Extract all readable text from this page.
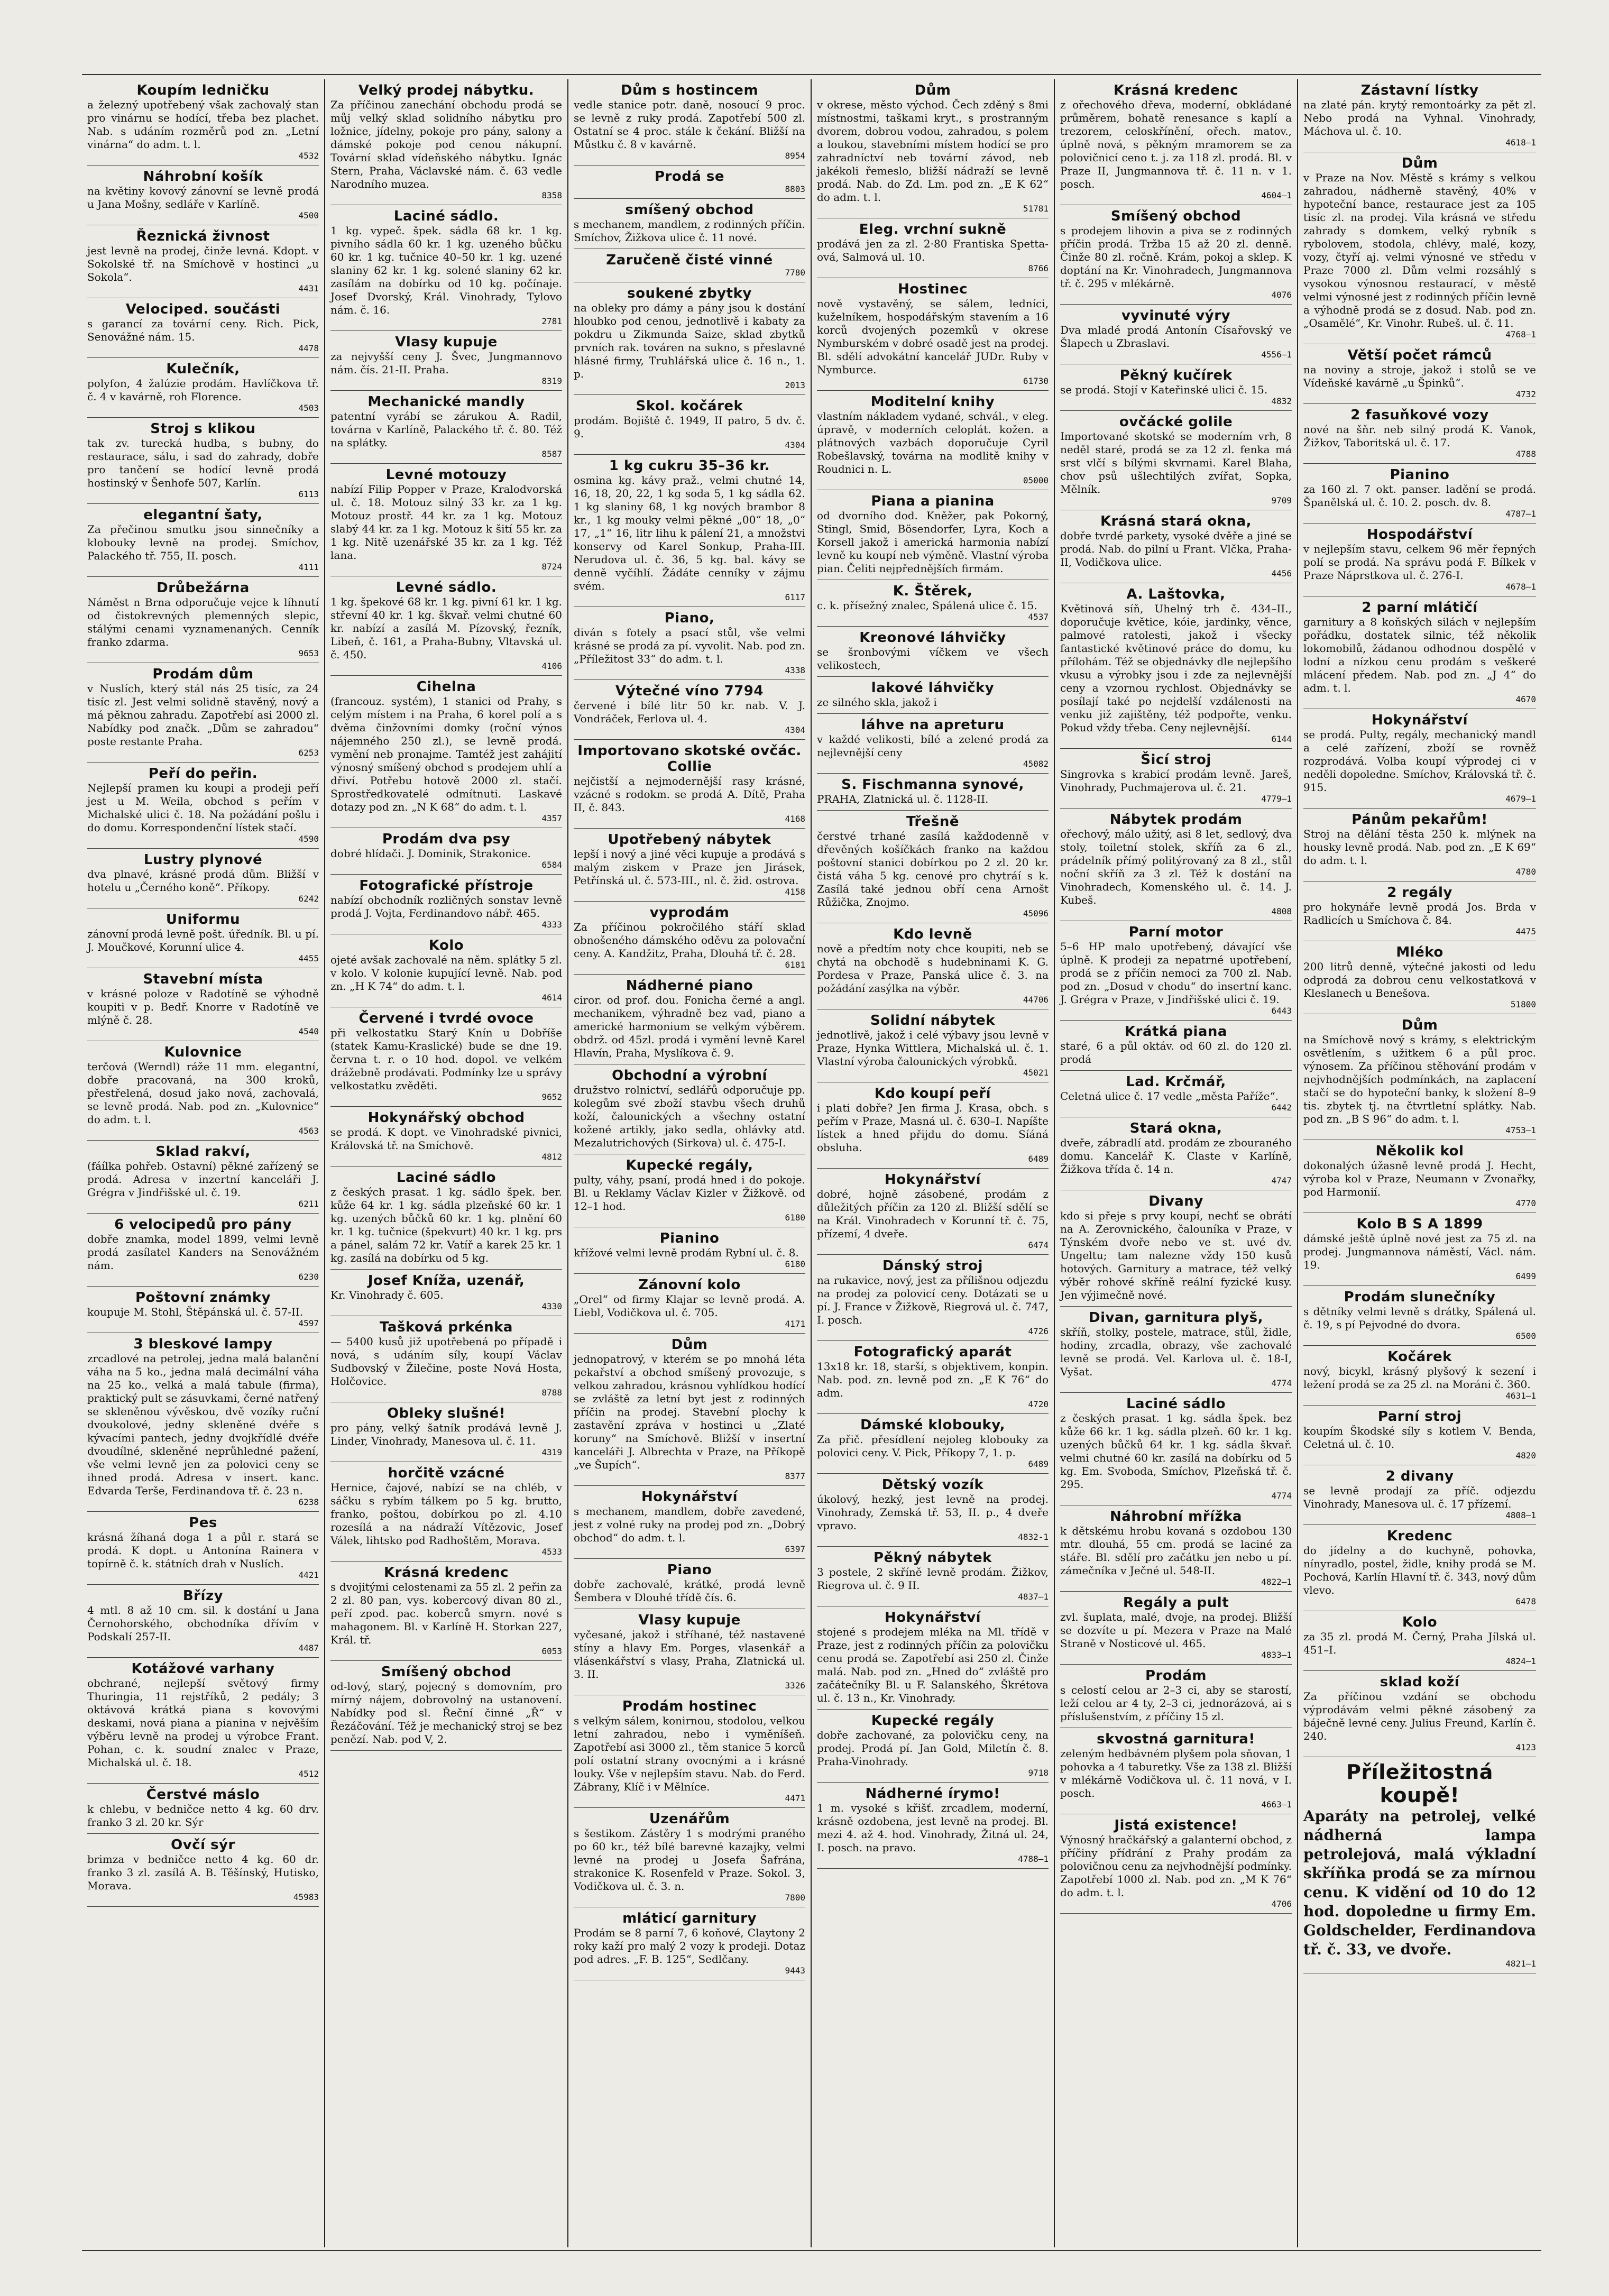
Koupím ledničku
a železný upotřebený však zachovalý stan pro vinárnu se hodící, třeba bez plachet. Nab. s udáním rozměrů pod zn. „Letní vinárna“ do adm. t. l.
4532
Náhrobní košík
na květiny kovový zánovní se levně prodá u Jana Mošny, sedláře v Karlíně.
4500
Řeznická živnost
jest levně na prodej, činže levná. Kdopt. v Sokolské tř. na Smíchově v hostinci „u Sokola“.
4431
Velociped. součásti
s garancí za tovární ceny. Rich. Pick, Senovážné nám. 15.
4478
Kulečník,
polyfon, 4 žalúzie prodám. Havlíčkova tř. č. 4 v kavárně, roh Florence.
4503
Stroj s klikou
tak zv. turecká hudba, s bubny, do restaurace, sálu, i sad do zahrady, dobře pro tančení se hodící levně prodá hostinský v Šenhofe 507, Karlín.
6113
elegantní šaty,
Za přečinou smutku jsou sinnečníky a klobouky levně na prodej. Smíchov, Palackého tř. 755, II. posch.
4111
Drůbežárna
Náměst n Brna odporučuje vejce k líhnutí od čistokrevných plemenných slepic, stálými cenami vyznamenaných. Cenník franko zdarma.
9653
Prodám dům
v Nuslích, který stál nás 25 tisíc, za 24 tisíc zl. Jest velmi solidně stavěný, nový a má pěknou zahradu. Zapotřebí asi 2000 zl. Nabídky pod značk. „Dům se zahradou“ poste restante Praha.
6253
Peří do peřin.
Nejlepší pramen ku koupi a prodeji peří jest u M. Weila, obchod s peřím v Michalské ulici č. 18. Na požádání pošlu i do domu. Korrespondenční lístek stačí.
4590
Lustry plynové
dva plnavé, krásné prodá dům. Bližší v hotelu u „Černého koně“. Příkopy.
6242
Uniformu
zánovní prodá levně pošt. úředník. Bl. u pí. J. Moučkové, Korunní ulice 4.
4455
Stavební místa
v krásné poloze v Radotíně se výhodně koupiti v p. Bedř. Knorre v Radotíně ve mlýně č. 28.
4540
Kulovnice
terčová (Werndl) ráže 11 mm. elegantní, dobře pracovaná, na 300 kroků, přestřelená, dosud jako nová, zachovalá, se levně prodá. Nab. pod zn. „Kulovnice“ do adm. t. l.
4563
Sklad rakví,
(fáílka pohřeb. Ostavní) pěkné zařízený se prodá. Adresa v inzertní kanceláři J. Grégra v Jindřišské ul. č. 19.
6211
6 velocipedů pro pány
dobře znamka, model 1899, velmi levně prodá zasílatel Kanders na Senovážném nám.
6230
Poštovní známky
koupuje M. Stohl, Štěpánská ul. č. 57-II.
4597
3 bleskové lampy
zrcadlové na petrolej, jedna malá balanční váha na 5 ko., jedna malá decimální váha na 25 ko., velká a malá tabule (firma), praktický pult se zásuvkami, černé natřený se skleněnou vývěskou, dvě vozíky ruční dvoukolové, jedny skleněné dvéře s kývacími pantech, jedny dvojkřídlé dvéře dvoudílné, skleněné neprůhledné pažení, vše velmi levně jen za polovici ceny se ihned prodá. Adresa v insert. kanc. Edvarda Terše, Ferdinandova tř. č. 23 n.
6238
Pes
krásná žíhaná doga 1 a půl r. stará se prodá. K dopt. u Antonína Rainera v topírně č. k. státních drah v Nuslích.
4421
Břízy
4 mtl. 8 až 10 cm. sil. k dostání u Jana Černohorského, obchodníka dřívím v Podskalí 257-II.
4487
Kotážové varhany
obchrané, nejlepší světový firmy Thuringia, 11 rejstříků, 2 pedály; 3 oktávová krátká piana s kovovými deskami, nová piana a pianina v nejvěším výběru levně na prodej u výrobce Frant. Pohan, c. k. soudní znalec v Praze, Michalská ul. č. 18.
4512
Čerstvé máslo
k chlebu, v bedničce netto 4 kg. 60 drv. franko 3 zl. 20 kr. Sýr
Ovčí sýr
brimza v bedničce netto 4 kg. 60 dr. franko 3 zl. zasílá A. B. Těšínský, Hutisko, Morava.
45983
Velký prodej nábytku.
Za příčinou zanechání obchodu prodá se můj velký sklad solidního nábytku pro ložnice, jídelny, pokoje pro pány, salony a dámské pokoje pod cenou nákupní. Tovární sklad vídeňského nábytku. Ignác Stern, Praha, Václavské nám. č. 63 vedle Narodního muzea.
8358
Laciné sádlo.
1 kg. vypeč. špek. sádla 68 kr. 1 kg. pivního sádla 60 kr. 1 kg. uzeného bůčku 60 kr. 1 kg. tučnice 40–50 kr. 1 kg. uzené slaniny 62 kr. 1 kg. solené slaniny 62 kr. zasílám na dobírku od 10 kg. počínaje. Josef Dvorský, Král. Vinohrady, Tylovo nám. č. 16.
2781
Vlasy kupuje
za nejvyšší ceny J. Švec, Jungmannovo nám. čís. 21-II. Praha.
8319
Mechanické mandly
patentní vyrábí se zárukou A. Radil, továrna v Karlíně, Palackého tř. č. 80. Též na splátky.
8587
Levné motouzy
nabízí Filip Popper v Praze, Kralodvorská ul. č. 18. Motouz silný 33 kr. za 1 kg. Motouz prostř. 44 kr. za 1 kg. Motouz slabý 44 kr. za 1 kg. Motouz k šití 55 kr. za 1 kg. Nitě uzenářské 35 kr. za 1 kg. Též lana.
8724
Levné sádlo.
1 kg. špekové 68 kr. 1 kg. pivní 61 kr. 1 kg. střevní 40 kr. 1 kg. škvař. velmi chutné 60 kr. nabízí a zasílá M. Pízovský, řezník, Libeň, č. 161, a Praha-Bubny, Vltavská ul. č. 450.
4106
Cihelna
(francouz. systém), 1 stanici od Prahy, s celým místem i na Praha, 6 korel polí a s dvěma činžovními domky (roční výnos nájemného 250 zl.), se levně prodá. vymění neb pronajme. Tamtéž jest zahájití výnosný smíšený obchod s prodejem uhlí a dřiví. Potřebu hotově 2000 zl. stačí. Sprostředkovatelé odmítnuti. Laskavé dotazy pod zn. „N K 68“ do adm. t. l.
4357
Prodám dva psy
dobré hlídači. J. Dominik, Strakonice.
6584
Fotografické přístroje
nabízí obchodník rozličných sonstav levně prodá J. Vojta, Ferdinandovo nábř. 465.
4333
Kolo
ojeté avšak zachovalé na něm. splátky 5 zl. v kolo. V kolonie kupující levně. Nab. pod zn. „H K 74“ do adm. t. l.
4614
Červené i tvrdé ovoce
při velkostatku Starý Knín u Dobříše (statek Kamu-Kraslické) bude se dne 19. června t. r. o 10 hod. dopol. ve velkém drážebně prodávati. Podmínky lze u správy velkostatku zvěděti.
9652
Hokynářský obchod
se prodá. K dopt. ve Vinohradské pivnici, Královská tř. na Smíchově.
4812
Laciné sádlo
z českých prasat. 1 kg. sádlo špek. ber. kůže 64 kr. 1 kg. sádla plzeňské 60 kr. 1 kg. uzených bůčků 60 kr. 1 kg. plnění 60 kr. 1 kg. tučnice (špekvurt) 40 kr. 1 kg. prs a pánel, salám 72 kr. Vatíř a karek 25 kr. 1 kg. zasílá na dobírku od 5 kg.
Josef Kníža, uzenář,
Kr. Vinohrady č. 605.
4330
Tašková prkénka
— 5400 kusů již upotřebená po případě i nová, s udáním síly, koupí Václav Sudbovský v Žilečine, poste Nová Hosta, Holčovice.
8788
Obleky slušné!
pro pány, velký šatník prodává levně J. Linder, Vinohrady, Manesova ul. č. 11.
4319
horčitě vzácné
Hernice, čajové, nabízí se na chléb, v sáčku s rybím tálkem po 5 kg. brutto, franko, poštou, dobírkou po zl. 4.10 rozesílá a na nádraží Vítězovic, Josef Válek, lihtsko pod Radhoštěm, Morava.
4533
Krásná kredenc
s dvojitými celostenami za 55 zl. 2 peřin za 2 zl. 80 pan, vys. kobercový divan 80 zl., peří zpod. pac. koberců smyrn. nové s mahagonem. Bl. v Karlíně H. Storkan 227, Král. tř.
6053
Smíšený obchod
od-lový, starý, pojecný s domovním, pro mírný nájem, dobrovolný na ustanovení. Nabídky pod sl. Řeční činné „Ř“ v Řezáčování. Též je mechanický stroj se bez penězí. Nab. pod V, 2.
Dům s hostincem
vedle stanice potr. daně, nosoucí 9 proc. se levně z ruky prodá. Zapotřebí 500 zl. Ostatní se 4 proc. stále k čekání. Bližší na Můstku č. 8 v kavárně.
8954
Prodá se
8803
smíšený obchod
s mechanem, mandlem, z rodinných příčin. Smíchov, Žižkova ulice č. 11 nové.
Zaručeně čisté vinné
7780
soukené zbytky
na obleky pro dámy a pány jsou k dostání hloubko pod cenou, jednotlivě i kabaty za pokdru u Zikmunda Saize, sklad zbytků prvních rak. továren na sukno, s přeslavné hlásné firmy, Truhlářská ulice č. 16 n., 1. p.
2013
Skol. kočárek
prodám. Bojiště č. 1949, II patro, 5 dv. č. 9.
4304
1 kg cukru 35–36 kr.
osmina kg. kávy praž., velmi chutné 14, 16, 18, 20, 22, 1 kg soda 5, 1 kg sádla 62. 1 kg slaniny 68, 1 kg nových brambor 8 kr., 1 kg mouky velmi pěkné „00“ 18, „0“ 17, „1“ 16, litr lihu k pálení 21, a množstvi konservy od Karel Sonkup, Praha-III. Nerudova ul. č. 36, 5 kg. bal. kávy se denně vyčíhlí. Žádáte cenníky v zájmu svém.
6117
Piano,
diván s fotely a psací stůl, vše velmi krásné se prodá za pí. vyvolit. Nab. pod zn. „Příležitost 33“ do adm. t. l.
4338
Výtečné víno 7794
červené i bílé litr 50 kr. nab. V. J. Vondráček, Ferlova ul. 4.
4304
Importovano skotské ovčác. Collie
nejčistší a nejmodernější rasy krásné, vzácné s rodokm. se prodá A. Dítě, Praha II, č. 843.
4168
Upotřebený nábytek
lepší i nový a jiné věci kupuje a prodává s malým ziskem v Praze jen Jirásek, Petřínská ul. č. 573-III., nl. č. žid. ostrova.
4158
vyprodám
Za příčinou pokročilého stáří sklad obnošeného dámského oděvu za polovační ceny. A. Kandžitz, Praha, Dlouhá tř. č. 28.
6181
Nádherné piano
ciror. od prof. dou. Fonicha černé a angl. mechanikem, výhradně bez vad, piano a americké harmonium se velkým výběrem. obdrž. od 45zl. prodá i vymění levně Karel Hlavín, Praha, Myslíkova č. 9.
Obchodní a výrobní
družstvo rolnictví, sedlářů odporučuje pp. kolegům své zboží stavbu všech druhů koží, čalounických a všechny ostatní kožené artikly, jako sedla, ohlávky atd. Mezalutrichových (Sirkova) ul. č. 475-I.
Kupecké regály,
pulty, váhy, psaní, prodá hned i do pokoje. Bl. u Reklamy Václav Kizler v Žižkově. od 12–1 hod.
6180
Pianino
křížové velmi levně prodám Rybní ul. č. 8.
6180
Zánovní kolo
„Orel“ od firmy Klajar se levně prodá. A. Liebl, Vodičkova ul. č. 705.
4171
Dům
jednopatrový, v kterém se po mnohá léta pekařství a obchod smíšený provozuje, s velkou zahradou, krásnou vyhlídkou hodící se zvláště za letní byt jest z rodinných příčin na prodej. Stavební plochy k zastavění zpráva v hostinci u „Zlaté koruny“ na Smíchově. Bližší v insertní kanceláři J. Albrechta v Praze, na Příkopě „ve Šupích“.
8377
Hokynářství
s mechanem, mandlem, dobře zavedené, jest z volné ruky na prodej pod zn. „Dobrý obchod“ do adm. t. l.
6397
Piano
dobře zachovalé, krátké, prodá levně Šembera v Dlouhé třídě čís. 6.
Vlasy kupuje
vyčesané, jakož i stříhané, též nastavené stíny a hlavy Em. Porges, vlasenkář a vlásenkářství s vlasy, Praha, Zlatnická ul. 3. II.
3326
Prodám hostinec
s velkým sálem, konirnou, stodolou, velkou letní zahradou, nebo i vyměníšeň. Zapotřebí asi 3000 zl., těm stanice 5 korců polí ostatní strany ovocnými a i krásné louky. Vše v nejlepším stavu. Nab. do Ferd. Zábrany, Klíč i v Mělníce.
4471
Uzenářům
s šestikom. Zástěry 1 s modrými praného po 60 kr., též bílé barevné kazajky, velmi levné na prodej u Josefa Šafrána, strakonice K. Rosenfeld v Praze. Sokol. 3, Vodičkova ul. č. 3. n.
7800
mláticí garnitury
Prodám se 8 parní 7, 6 koňové, Claytony 2 roky kaží pro malý 2 vozy k prodeji. Dotaz pod adres. „F. B. 125“, Sedlčany.
9443
Dům
v okrese, město východ. Čech zděný s 8mi místnostmi, taškami kryt., s prostranným dvorem, dobrou vodou, zahradou, s polem a loukou, stavebními místem hodící se pro zahradníctví neb tovární závod, neb jakékoli řemeslo, bližší nádraží se levně prodá. Nab. do Zd. Lm. pod zn. „E K 62“ do adm. t. l.
51781
Eleg. vrchní sukně
prodává jen za zl. 2·80 Frantiska Spetta-ová, Salmová ul. 10.
8766
Hostinec
nově vystavěný, se sálem, ledníci, kuželníkem, hospodářským stavením a 16 korců dvojených pozemků v okrese Nymburském v dobré osadě jest na prodej. Bl. sdělí advokátní kancelář JUDr. Ruby v Nymburce.
61730
Moditelní knihy
vlastním nákladem vydané, schvál., v eleg. úpravě, v moderních celoplát. kožen. a plátnových vazbách doporučuje Cyril Robešlavský, továrna na modlitě knihy v Roudnici n. L.
05000
Piana a pianina
od dvorního dod. Kněžer, pak Pokorný, Stingl, Smid, Bösendorfer, Lyra, Koch a Korsell jakož i americká harmonia nabízí levně ku koupí neb výměně. Vlastní výroba pian. Čeliti nejpřednějších firmám.
K. Štěrek,
c. k. přísežný znalec, Spálená ulice č. 15.
4537
Kreonové láhvičky
se šronbovými víčkem ve všech velikostech,
lakové láhvičky
ze silného skla, jakož i
láhve na apreturu
v každé velikosti, bílé a zelené prodá za nejlevnější ceny
45082
S. Fischmanna synové,
PRAHA, Zlatnická ul. č. 1128-II.
Třešně
čerstvé trhané zasílá každodenně v dřevěných košíčkách franko na každou poštovní stanici dobírkou po 2 zl. 20 kr. čistá váha 5 kg. cenové pro chytráí s k. Zasílá také jednou obří cena Arnošt Růžička, Znojmo.
45096
Kdo levně
nově a předtím noty chce koupiti, neb se chytá na obchodě s hudebninami K. G. Pordesa v Praze, Panská ulice č. 3. na požádání zasýlka na výběr.
44706
Solidní nábytek
jednotlivě, jakož i celé výbavy jsou levně v Praze, Hynka Wittlera, Michalská ul. č. 1. Vlastní výroba čalounických výrobků.
45021
Kdo koupí peří
i plati dobře? Jen firma J. Krasa, obch. s peřím v Praze, Masná ul. č. 630–I. Napíšte lístek a hned přijdu do domu. Síáná obsluha.
6489
Hokynářství
dobré, hojně zásobené, prodám z důležitých příčin za 120 zl. Bližší sdělí se na Král. Vinohradech v Korunní tř. č. 75, přízemí, 4 dveře.
6474
Dánský stroj
na rukavice, nový, jest za přílišnou odjezdu na prodej za polovicí ceny. Dotázati se u pí. J. France v Žižkově, Riegrová ul. č. 747, I. posch.
4726
Fotografický aparát
13x18 kr. 18, starší, s objektivem, konpin. Nab. pod. zn. levně pod zn. „E K 76“ do adm.
4720
Dámské klobouky,
Za přič. přesídlení nejoleg klobouky za polovici ceny. V. Pick, Příkopy 7, 1. p.
6489
Dětský vozík
úkolový, hezký, jest levně na prodej. Vinohrady, Zemská tř. 53, II. p., 4 dveře vpravo.
4832-1
Pěkný nábytek
3 postele, 2 skříně levně prodám. Žižkov, Riegrova ul. č. 9 II.
4837–1
Hokynářství
stojené s prodejem mléka na Ml. třídě v Praze, jest z rodinných příčin za polovičku cenu prodá se. Zapotřebí asi 250 zl. Činže malá. Nab. pod zn. „Hned do“ zvláště pro začátečníky Bl. u F. Salanského, Škrétova ul. č. 13 n., Kr. Vinohrady.
Kupecké regály
dobře zachované, za polovičku ceny, na prodej. Prodá pí. Jan Gold, Miletín č. 8. Praha-Vinohrady.
9718
Nádherné írymo!
1 m. vysoké s křišť. zrcadlem, moderní, krásně ozdobena, jest levně na prodej. Bl. mezi 4. až 4. hod. Vinohrady, Žitná ul. 24, I. posch. na pravo.
4788–1
Krásná kredenc
z ořechového dřeva, moderní, obkládané průměrem, bohatě renesance s kaplí a trezorem, celoskřínění, ořech. matov., úplně nová, s pěkným mramorem se za polovičnicí ceno t. j. za 118 zl. prodá. Bl. v Praze II, Jungmannova tř. č. 11 n. v 1. posch.
4604–1
Smíšený obchod
s prodejem lihovin a piva se z rodinných příčin prodá. Tržba 15 až 20 zl. denně. Činže 80 zl. ročně. Krám, pokoj a sklep. K doptání na Kr. Vinohradech, Jungmannova tř. č. 295 v mlékárně.
4076
vyvinuté výry
Dva mladé prodá Antonín Císařovský ve Šlapech u Zbraslavi.
4556–1
Pěkný kučírek
se prodá. Stojí v Kateřinské ulici č. 15.
4832
ovčácké golile
Importované skotské se moderním vrh, 8 neděl staré, prodá se za 12 zl. fenka má srst vlčí s bílými skvrnami. Karel Blaha, chov psů ušlechtilých zvířat, Sopka, Mělník.
9709
Krásná stará okna,
dobře tvrdé parkety, vysoké dvěře a jiné se prodá. Nab. do pilní u Frant. Vlčka, Praha-II, Vodičkova ulice.
4456
A. Laštovka,
Květinová síň, Uhelný trh č. 434–II., doporučuje květice, kóie, jardinky, věnce, palmové ratolesti, jakož i všecky fantastické květinové práce do domu, ku přílohám. Též se objednávky dle nejlepšího vkusu a výrobky jsou i zde za nejlevnější ceny a vzornou rychlost. Objednávky se posílají také po nejdelší vzdálenosti na venku již zajištěny, též podpořte, venku. Pokud vždy třeba. Ceny nejlevnější.
6144
Šicí stroj
Singrovka s krabicí prodám levně. Jareš, Vinohrady, Puchmajerova ul. č. 21.
4779–1
Nábytek prodám
ořechový, málo užitý, asi 8 let, sedlový, dva stoly, toiletní stolek, skříň za 6 zl., prádelník přímý politýrovaný za 8 zl., stůl noční skříň za 3 zl. Též k dostání na Vinohradech, Komenského ul. č. 14. J. Kubeš.
4808
Parní motor
5–6 HP malo upotřebený, dávající vše úplně. K prodeji za nepatrné upotřebení, prodá se z příčin nemoci za 700 zl. Nab. pod zn. „Dosud v chodu“ do insertní kanc. J. Grégra v Praze, v Jindřišské ulici č. 19.
6443
Krátká piana
staré, 6 a půl oktáv. od 60 zl. do 120 zl. prodá
Lad. Krčmář,
Celetná ulice č. 17 vedle „města Paříže“.
6442
Stará okna,
dveře, zábradlí atd. prodám ze zbouraného domu. Kancelář K. Claste v Karlíně, Žižkova třída č. 14 n.
4747
Divany
kdo si přeje s prvy koupí, nechť se obrátí na A. Zerovnického, čalouníka v Praze, v Týnském dvoře nebo ve st. uvé dv. Ungeltu; tam nalezne vždy 150 kusů hotových. Garnitury a matrace, též velký výběr rohové skříně reální fyzické kusy. Jen výjimečně nové.
Divan, garnitura plyš,
skříň, stolky, postele, matrace, stůl, židle, hodiny, zrcadla, obrazy, vše zachovalé levně se prodá. Vel. Karlova ul. č. 18-I, Vyšat.
4774
Laciné sádlo
z českých prasat. 1 kg. sádla špek. bez kůže 66 kr. 1 kg. sádla plzeň. 60 kr. 1 kg. uzených bůčků 64 kr. 1 kg. sádla škvař. velmi chutné 60 kr. zasílá na dobírku od 5 kg. Em. Svoboda, Smíchov, Plzeňská tř. č. 295.
4774
Náhrobní mřížka
k dětskému hrobu kovaná s ozdobou 130 mtr. dlouhá, 55 cm. prodá se laciné za stáře. Bl. sdělí pro začátku jen nebo u pí. zámečníka v Ječné ul. 548-II.
4822–1
Regály a pult
zvl. šuplata, malé, dvoje, na prodej. Bližší se dozvíte u pí. Mezera v Praze na Malé Straně v Nosticové ul. 465.
4833–1
Prodám
s celostí celou ar 2–3 ci, aby se starostí, leží celou ar 4 ty, 2–3 ci, jednorázová, ai s příslušenstvím, z příčiny 15 zl.
skvostná garnitura!
zeleným hedbávném plyšem pola sňovan, 1 pohovka a 4 taburetky. Vše za 138 zl. Bližší v mlékárně Vodičkova ul. č. 11 nová, v I. posch.
4663–1
Jistá existence!
Výnosný hračkářský a galanterní obchod, z příčiny přídrání z Prahy prodám za polovičnou cenu za nejvhodnější podmínky. Zapotřebí 1000 zl. Nab. pod zn. „M K 76“ do adm. t. l.
4706
Zástavní lístky
na zlaté pán. krytý remontoárky za pět zl. Nebo prodá na Vyhnal. Vinohrady, Máchova ul. č. 10.
4618–1
Dům
v Praze na Nov. Městě s krámy s velkou zahradou, nádherně stavěný, 40% v hypoteční bance, restaurace jest za 105 tisíc zl. na prodej. Vila krásná ve středu zahrady s domkem, velký rybník s rybolovem, stodola, chlévy, malé, kozy, vozy, čtyří aj. velmi výnosné ve středu v Praze 7000 zl. Dům velmi rozsáhlý s vysokou výnosnou restaurací, v městě velmi výnosné jest z rodinných příčin levně a výhodně prodá se z dosud. Nab. pod zn. „Osamělé“, Kr. Vinohr. Rubeš. ul. č. 11.
4768–1
Větší počet rámců
na noviny a stroje, jakož i stolů se ve Vídeňské kavárně „u Špinků“.
4732
2 fasuňkové vozy
nové na šňr. neb silný prodá K. Vanok, Žižkov, Taboritská ul. č. 17.
4788
Pianino
za 160 zl. 7 okt. panser. ladění se prodá. Španělská ul. č. 10. 2. posch. dv. 8.
4787–1
Hospodářství
v nejlepším stavu, celkem 96 měr řepných polí se prodá. Na správu podá F. Bílkek v Praze Náprstkova ul. č. 276-I.
4678–1
2 parní mlátičí
garnitury a 8 koňských silách v nejlepším pořádku, dostatek silnic, též několik lokomobilů, žádanou odhodnou dospělé v lodní a nízkou cenu prodám s veškeré mlácení předem. Nab. pod zn. „J 4“ do adm. t. l.
4670
Hokynářství
se prodá. Pulty, regály, mechanický mandl a celé zařízení, zboží se rovněž rozprodává. Volba koupí výprodej ci v neděli dopoledne. Smíchov, Královská tř. č. 915.
4679–1
Pánům pekařům!
Stroj na dělání těsta 250 k. mlýnek na housky levně prodá. Nab. pod zn. „E K 69“ do adm. t. l.
4780
2 regály
pro hokynáře levně prodá Jos. Brda v Radlicích u Smíchova č. 84.
4475
Mléko
200 litrů denně, výtečné jakosti od ledu odprodá za dobrou cenu velkostatková v Kleslanech u Benešova.
51800
Dům
na Smíchově nový s krámy, s elektrickým osvětlením, s užitkem 6 a půl proc. výnosem. Za příčinou stěhování prodám v nejvhodnějších podmínkách, na zaplacení stačí se do hypoteční banky, k složení 8–9 tis. zbytek tj. na čtvrtletní splátky. Nab. pod zn. „B S 96“ do adm. t. l.
4753–1
Několik kol
dokonalých úžasně levně prodá J. Hecht, výroba kol v Praze, Neumann v Zvonařky, pod Harmonií.
4770
Kolo B S A 1899
dámské ještě úplně nové jest za 75 zl. na prodej. Jungmannova náměstí, Václ. nám. 19.
6499
Prodám slunečníky
s dětníky velmi levně s drátky, Spálená ul. č. 19, s pí Pejvodné do dvora.
6500
Kočárek
nový, bicykl, krásný plyšový k sezení i ležení prodá se za 25 zl. na Moráni č. 360.
4631–1
Parní stroj
koupím Škodské síly s kotlem V. Benda, Celetná ul. č. 10.
4820
2 divany
se levně prodají za příč. odjezdu Vinohrady, Manesova ul. č. 17 přízemí.
4808–1
Kredenc
do jídelny a do kuchyně, pohovka, nínyradlo, postel, židle, knihy prodá se M. Pochová, Karlín Hlavní tř. č. 343, nový dům vlevo.
6478
Kolo
za 35 zl. prodá M. Černý, Praha Jílská ul. 451–I.
4824–1
sklad koží
Za příčinou vzdání se obchodu výprodávám velmi pěkné zásobený za báječně levné ceny. Julius Freund, Karlín č. 240.
4123
Příležitostná koupě!
Aparáty na petrolej, velké nádherná lampa petrolejová, malá výkladní skříňka prodá se za mírnou cenu. K vidění od 10 do 12 hod. dopoledne u firmy Em. Goldschelder, Ferdinandova tř. č. 33, ve dvoře.
4821–1
